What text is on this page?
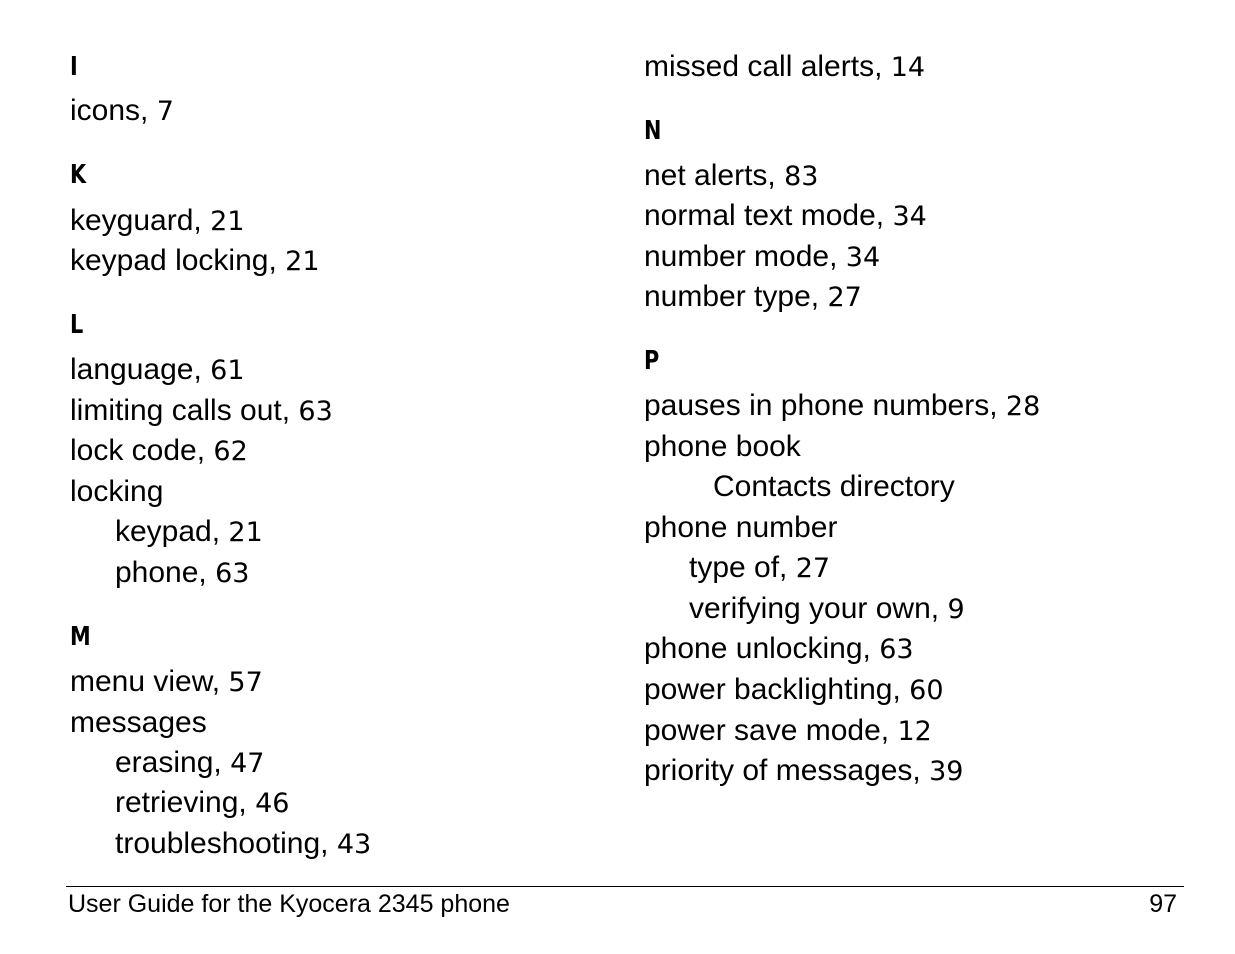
I
icons, 7
K
keyguard, 21
keypad locking, 21
L
language, 61
limiting calls out, 63
lock code, 62
locking
keypad, 21
phone, 63
M
menu view, 57
messages
erasing, 47
retrieving, 46
troubleshooting, 43
missed call alerts, 14
N
net alerts, 83
normal text mode, 34
number mode, 34
number type, 27
P
pauses in phone numbers, 28
phone book
Contacts directory
phone number
type of, 27
verifying your own, 9
phone unlocking, 63
power backlighting, 60
power save mode, 12
priority of messages, 39
User Guide for the Kyocera 2345 phone	97
